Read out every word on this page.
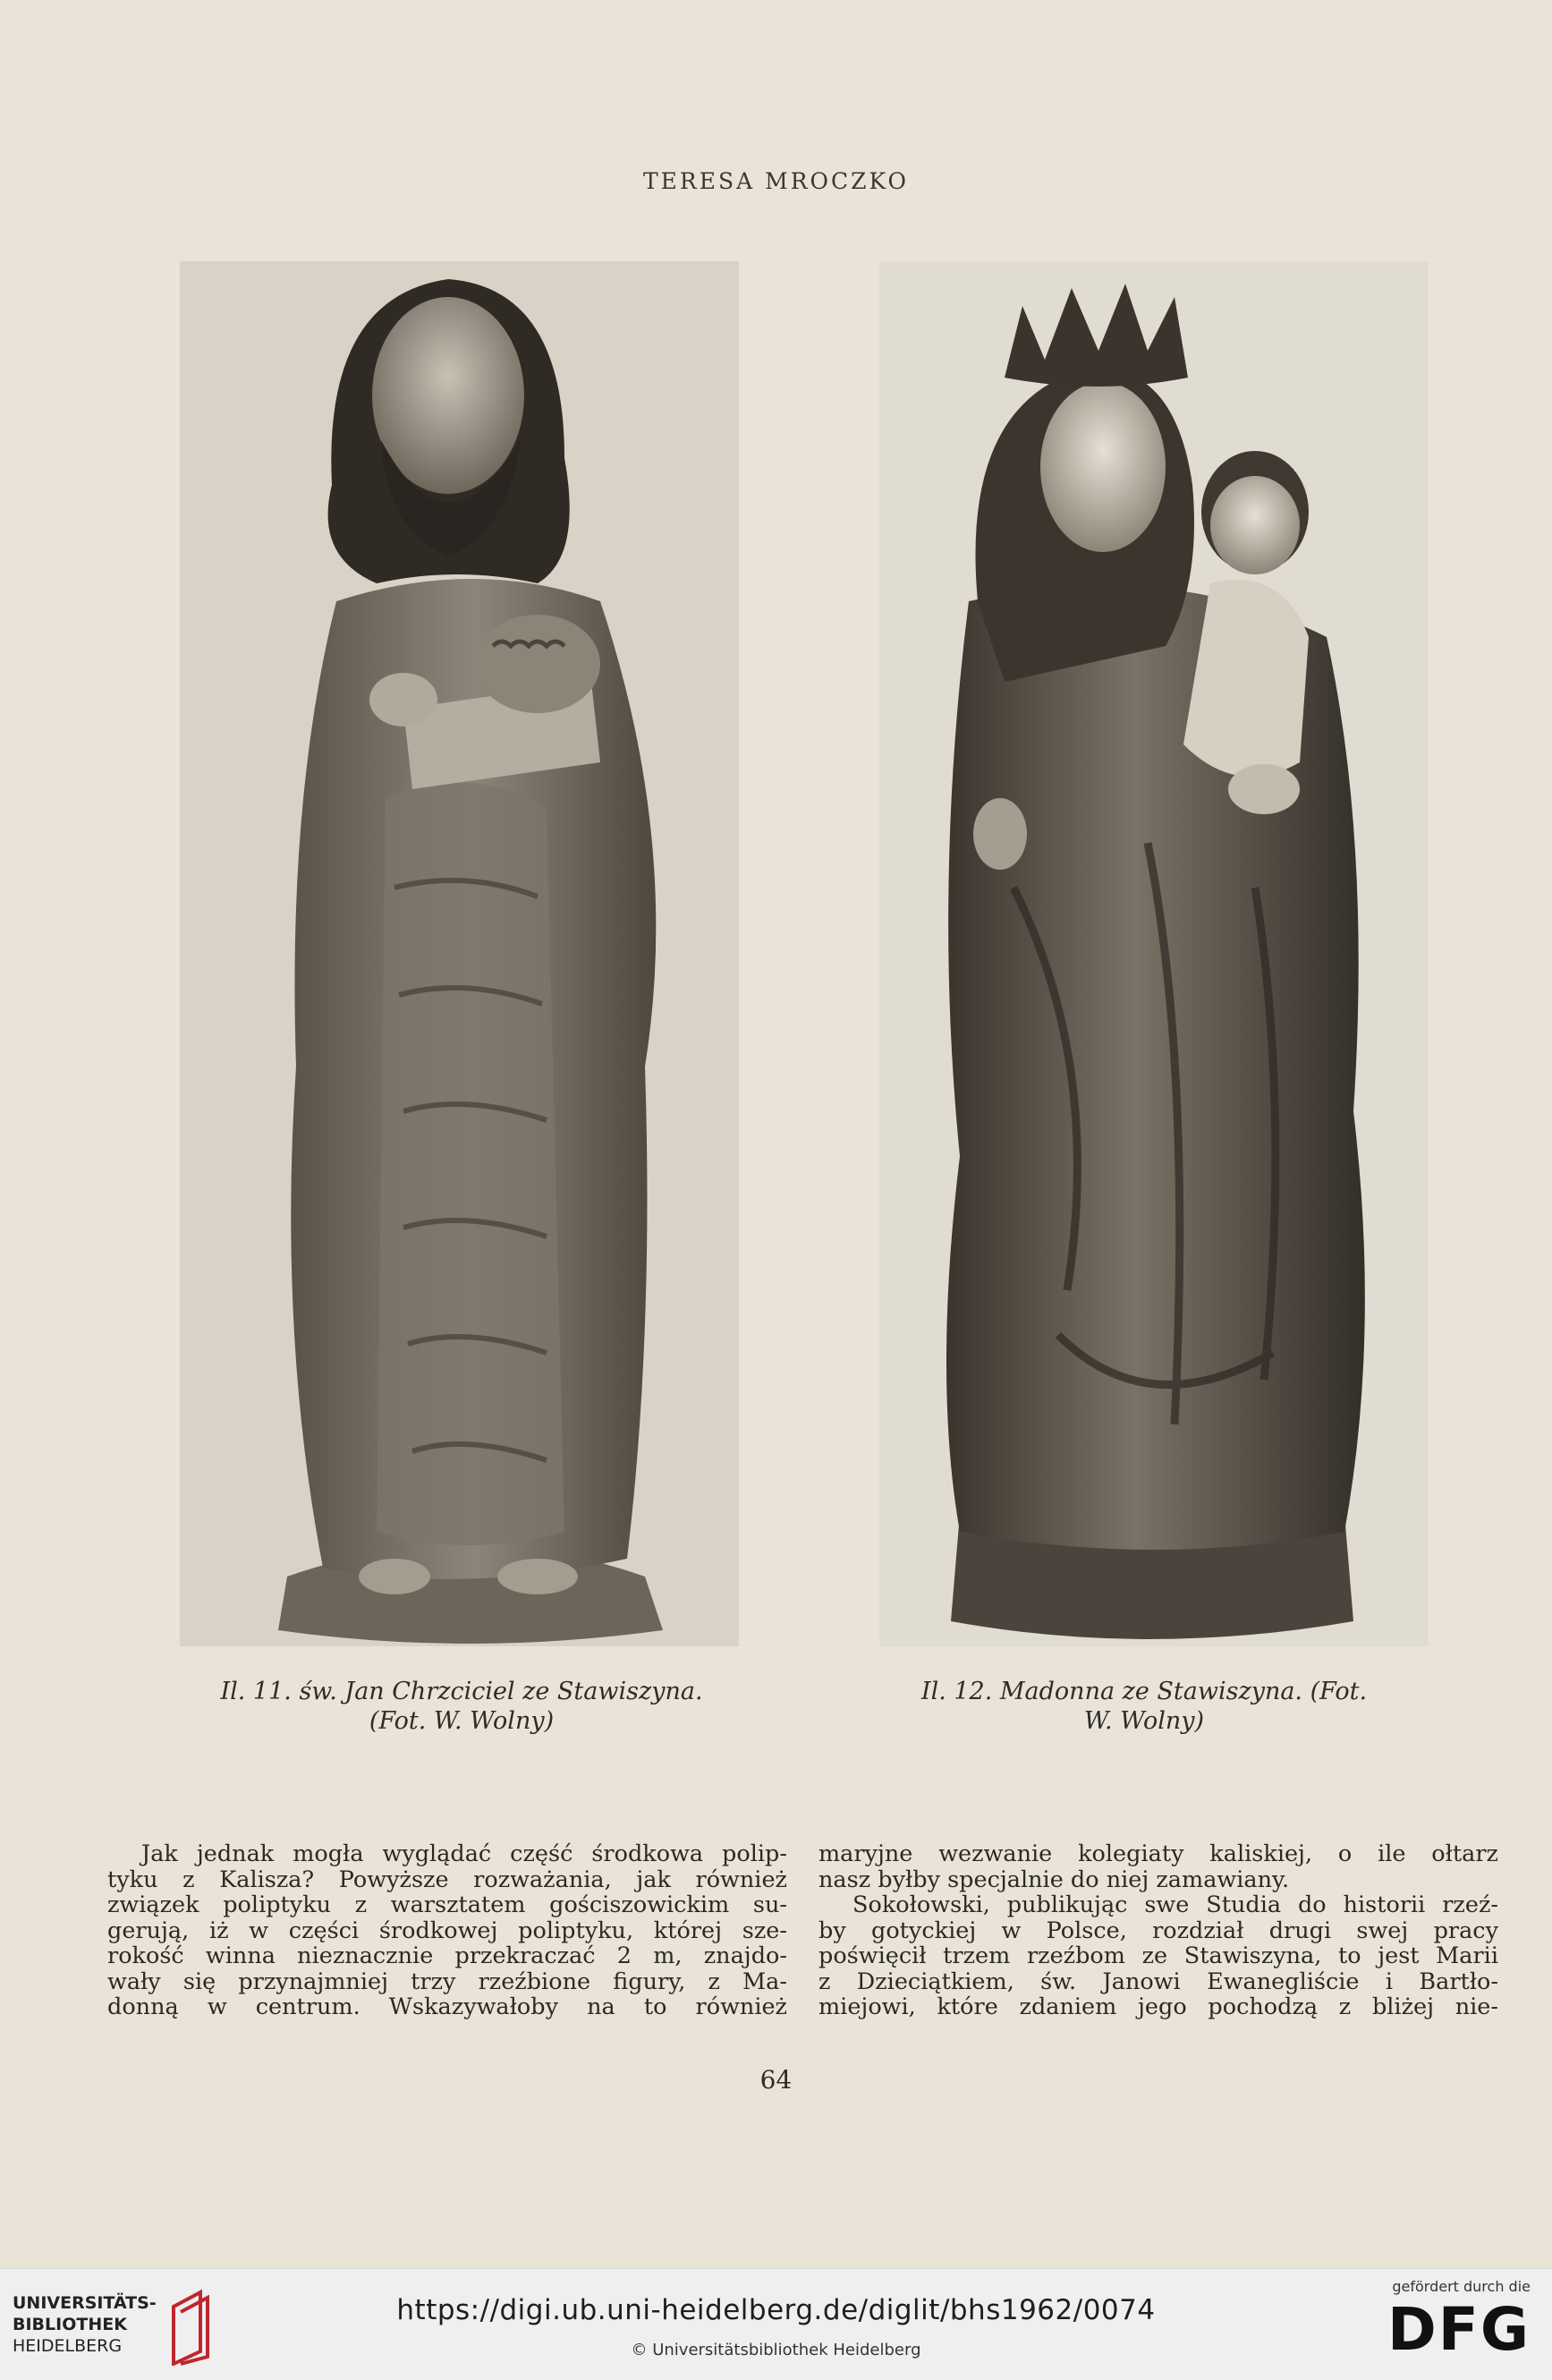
TERESA MROCZKO
Il. 11. św. Jan Chrzciciel ze Stawiszyna.
(Fot. W. Wolny)
Il. 12. Madonna ze Stawiszyna. (Fot.
W. Wolny)
Jak jednak mogła wyglądać część środkowa polip-
tyku z Kalisza? Powyższe rozważania, jak również
związek poliptyku z warsztatem gościszowickim su-
gerują, iż w części środkowej poliptyku, której sze-
rokość winna nieznacznie przekraczać 2 m, znajdo-
wały się przynajmniej trzy rzeźbione figury, z Ma-
donną w centrum. Wskazywałoby na to również
maryjne wezwanie kolegiaty kaliskiej, o ile ołtarz
nasz byłby specjalnie do niej zamawiany.
Sokołowski, publikując swe Studia do historii rzeź-
by gotyckiej w Polsce, rozdział drugi swej pracy
poświęcił trzem rzeźbom ze Stawiszyna, to jest Marii
z Dzieciątkiem, św. Janowi Ewanegliście i Bartło-
miejowi, które zdaniem jego pochodzą z bliżej nie-
64
UNIVERSITÄTS-
BIBLIOTHEK
HEIDELBERG
https://digi.ub.uni-heidelberg.de/diglit/bhs1962/0074
© Universitätsbibliothek Heidelberg
gefördert durch die
DFG
